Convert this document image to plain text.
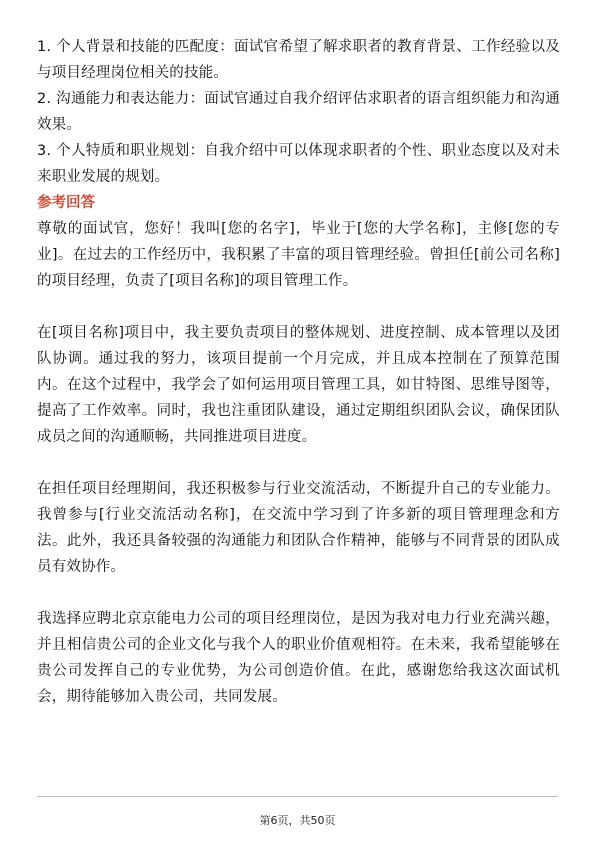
1. 个人背景和技能的匹配度：面试官希望了解求职者的教育背景、工作经验以及与项目经理岗位相关的技能。

2. 沟通能力和表达能力：面试官通过自我介绍评估求职者的语言组织能力和沟通效果。

3. 个人特质和职业规划：自我介绍中可以体现求职者的个性、职业态度以及对未来职业发展的规划。

参考回答

尊敬的面试官，您好！我叫[您的名字]，毕业于[您的大学名称]，主修[您的专业]。在过去的工作经历中，我积累了丰富的项目管理经验。曾担任[前公司名称]的项目经理，负责了[项目名称]的项目管理工作。

在[项目名称]项目中，我主要负责项目的整体规划、进度控制、成本管理以及团队协调。通过我的努力，该项目提前一个月完成，并且成本控制在了预算范围内。在这个过程中，我学会了如何运用项目管理工具，如甘特图、思维导图等，提高了工作效率。同时，我也注重团队建设，通过定期组织团队会议，确保团队成员之间的沟通顺畅，共同推进项目进度。

在担任项目经理期间，我还积极参与行业交流活动，不断提升自己的专业能力。我曾参与[行业交流活动名称]，在交流中学习到了许多新的项目管理理念和方法。此外，我还具备较强的沟通能力和团队合作精神，能够与不同背景的团队成员有效协作。

我选择应聘北京京能电力公司的项目经理岗位，是因为我对电力行业充满兴趣，并且相信贵公司的企业文化与我个人的职业价值观相符。在未来，我希望能够在贵公司发挥自己的专业优势，为公司创造价值。在此，感谢您给我这次面试机会，期待能够加入贵公司，共同发展。

第6页，共50页
